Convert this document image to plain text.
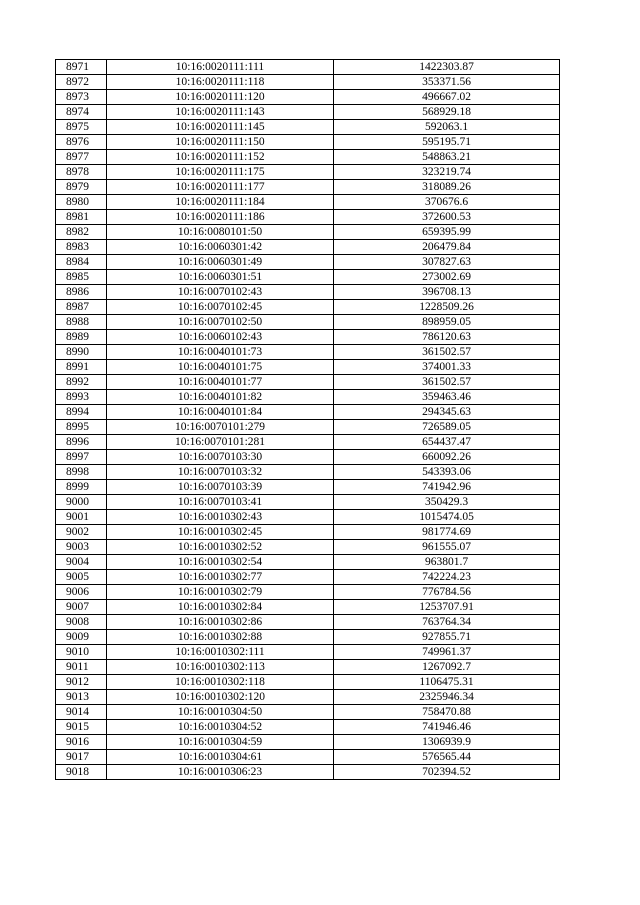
8971	10:16:0020111:111	1422303.87
8972	10:16:0020111:118	353371.56
8973	10:16:0020111:120	496667.02
8974	10:16:0020111:143	568929.18
8975	10:16:0020111:145	592063.1
8976	10:16:0020111:150	595195.71
8977	10:16:0020111:152	548863.21
8978	10:16:0020111:175	323219.74
8979	10:16:0020111:177	318089.26
8980	10:16:0020111:184	370676.6
8981	10:16:0020111:186	372600.53
8982	10:16:0080101:50	659395.99
8983	10:16:0060301:42	206479.84
8984	10:16:0060301:49	307827.63
8985	10:16:0060301:51	273002.69
8986	10:16:0070102:43	396708.13
8987	10:16:0070102:45	1228509.26
8988	10:16:0070102:50	898959.05
8989	10:16:0060102:43	786120.63
8990	10:16:0040101:73	361502.57
8991	10:16:0040101:75	374001.33
8992	10:16:0040101:77	361502.57
8993	10:16:0040101:82	359463.46
8994	10:16:0040101:84	294345.63
8995	10:16:0070101:279	726589.05
8996	10:16:0070101:281	654437.47
8997	10:16:0070103:30	660092.26
8998	10:16:0070103:32	543393.06
8999	10:16:0070103:39	741942.96
9000	10:16:0070103:41	350429.3
9001	10:16:0010302:43	1015474.05
9002	10:16:0010302:45	981774.69
9003	10:16:0010302:52	961555.07
9004	10:16:0010302:54	963801.7
9005	10:16:0010302:77	742224.23
9006	10:16:0010302:79	776784.56
9007	10:16:0010302:84	1253707.91
9008	10:16:0010302:86	763764.34
9009	10:16:0010302:88	927855.71
9010	10:16:0010302:111	749961.37
9011	10:16:0010302:113	1267092.7
9012	10:16:0010302:118	1106475.31
9013	10:16:0010302:120	2325946.34
9014	10:16:0010304:50	758470.88
9015	10:16:0010304:52	741946.46
9016	10:16:0010304:59	1306939.9
9017	10:16:0010304:61	576565.44
9018	10:16:0010306:23	702394.52
